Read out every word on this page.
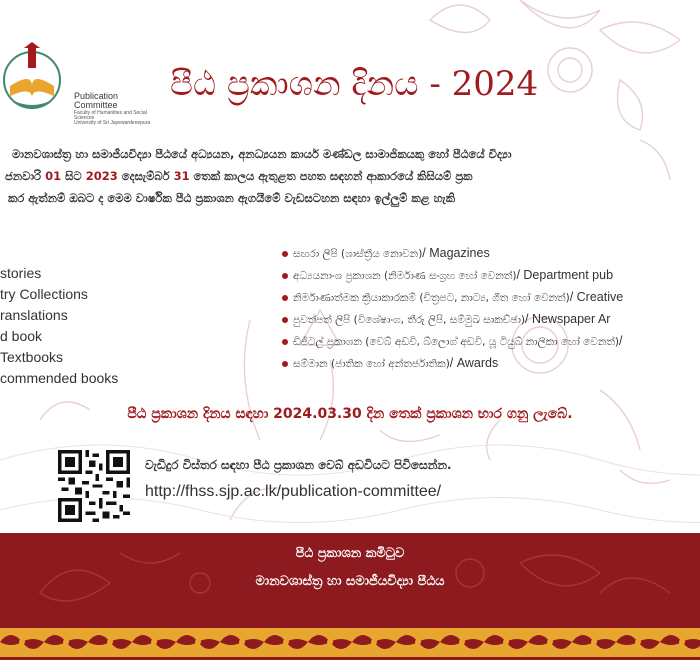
Publication Committee
Faculty of Humanities and Social Sciences
University of Sri Jayewardenepura
පීඨ ප්‍රකාශන දිනය - 2024
මානවශාස්ත්‍ර හා සමාජීයවිද්‍යා පීඨයේ අධ්‍යයන, අනධ්‍යයන කාර්ය මණ්ඩල සාමාජිකයකු හෝ පීඨයේ විද්‍යා
ජනවාරි 01 සිට 2023 දෙසැම්බර් 31 තෙක් කාලය ඇතුළත පහත සඳහන් ආකාරයේ කිසියම් ප්‍රක
කර ඇත්නම් ඔබට ද මෙම වාර්ෂික පීඨ ප්‍රකාශන ඇගයීමේ වැඩසටහන සඳහා ඉල්ලුම් කළ හැකි
stories
try Collections
ranslations
d book
Textbooks
commended books
සඟරා ලිපි (ශාස්ත්‍රීය නොවන)/ Magazines
අධ්‍යයනාංශ ප්‍රකාශන (නිර්මාණ සංග්‍රහ හෝ වෙනත්)/ Department pub
නිර්මාණාත්මක ක්‍රියාකාරකම් (චිත්‍රපට, නාට්‍ය, ගීත හෝ වෙනත්)/ Creative
පුවත්පත් ලිපි (විශේෂාංග, තීරු ලිපි, සම්මුඛ සාකච්ඡා)/ Newspaper Ar
ඩිජිටල් ප්‍රකාශන (වෙබ් අඩවි, බ්ලොග් අඩවි, යූ ටියුබ් නාලිකා හෝ වෙනත්)/
සම්මාන (ජාතික හෝ අන්තර්ජාතික)/ Awards
පීඨ ප්‍රකාශන දිනය සඳහා 2024.03.30 දින තෙක් ප්‍රකාශන භාර ගනු ලැබේ.
වැඩිදුර විස්තර සඳහා පීඨ ප්‍රකාශන වෙබ් අඩවියට පිවිසෙන්න.
http://fhss.sjp.ac.lk/publication-committee/
පීඨ ප්‍රකාශන කමිටුව
මානවශාස්ත්‍ර හා සමාජීයවිද්‍යා පීඨය
